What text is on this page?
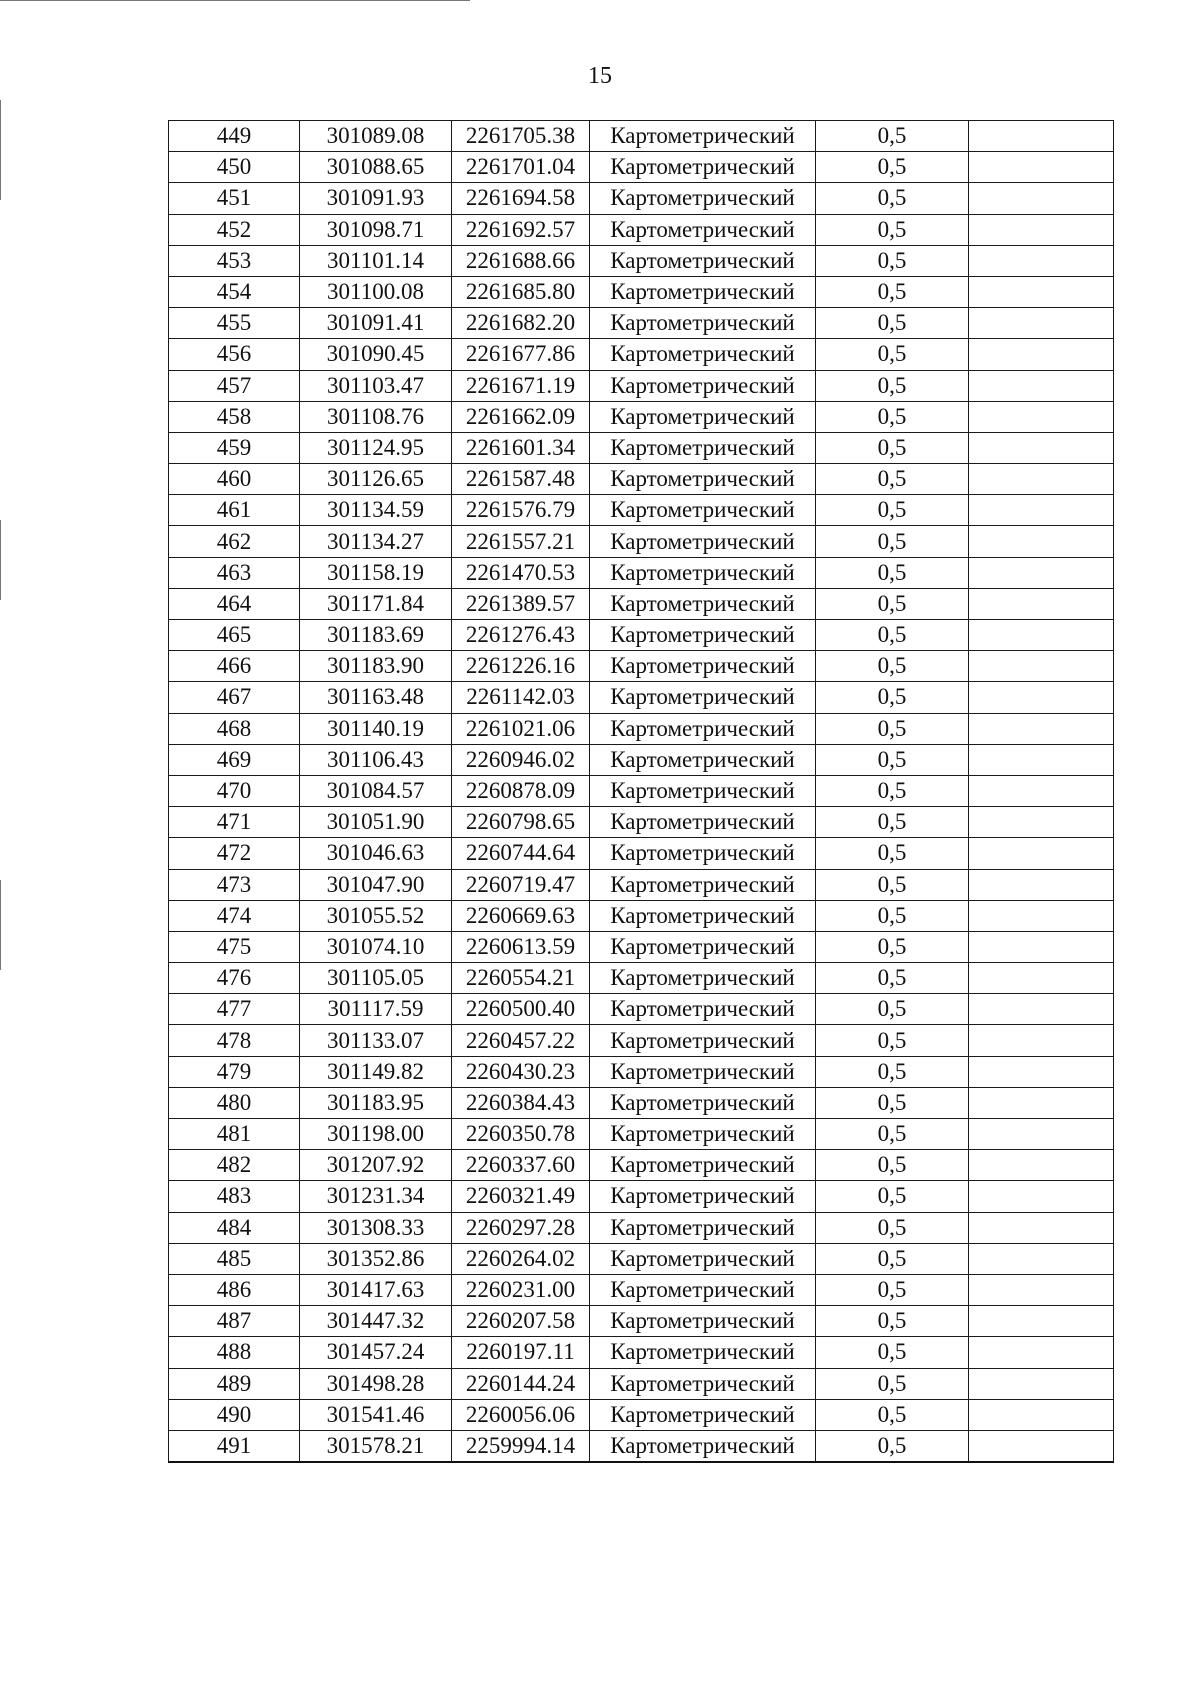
15
449	301089.08	2261705.38	Картометрический	0,5	
450	301088.65	2261701.04	Картометрический	0,5	
451	301091.93	2261694.58	Картометрический	0,5	
452	301098.71	2261692.57	Картометрический	0,5	
453	301101.14	2261688.66	Картометрический	0,5	
454	301100.08	2261685.80	Картометрический	0,5	
455	301091.41	2261682.20	Картометрический	0,5	
456	301090.45	2261677.86	Картометрический	0,5	
457	301103.47	2261671.19	Картометрический	0,5	
458	301108.76	2261662.09	Картометрический	0,5	
459	301124.95	2261601.34	Картометрический	0,5	
460	301126.65	2261587.48	Картометрический	0,5	
461	301134.59	2261576.79	Картометрический	0,5	
462	301134.27	2261557.21	Картометрический	0,5	
463	301158.19	2261470.53	Картометрический	0,5	
464	301171.84	2261389.57	Картометрический	0,5	
465	301183.69	2261276.43	Картометрический	0,5	
466	301183.90	2261226.16	Картометрический	0,5	
467	301163.48	2261142.03	Картометрический	0,5	
468	301140.19	2261021.06	Картометрический	0,5	
469	301106.43	2260946.02	Картометрический	0,5	
470	301084.57	2260878.09	Картометрический	0,5	
471	301051.90	2260798.65	Картометрический	0,5	
472	301046.63	2260744.64	Картометрический	0,5	
473	301047.90	2260719.47	Картометрический	0,5	
474	301055.52	2260669.63	Картометрический	0,5	
475	301074.10	2260613.59	Картометрический	0,5	
476	301105.05	2260554.21	Картометрический	0,5	
477	301117.59	2260500.40	Картометрический	0,5	
478	301133.07	2260457.22	Картометрический	0,5	
479	301149.82	2260430.23	Картометрический	0,5	
480	301183.95	2260384.43	Картометрический	0,5	
481	301198.00	2260350.78	Картометрический	0,5	
482	301207.92	2260337.60	Картометрический	0,5	
483	301231.34	2260321.49	Картометрический	0,5	
484	301308.33	2260297.28	Картометрический	0,5	
485	301352.86	2260264.02	Картометрический	0,5	
486	301417.63	2260231.00	Картометрический	0,5	
487	301447.32	2260207.58	Картометрический	0,5	
488	301457.24	2260197.11	Картометрический	0,5	
489	301498.28	2260144.24	Картометрический	0,5	
490	301541.46	2260056.06	Картометрический	0,5	
491	301578.21	2259994.14	Картометрический	0,5	
